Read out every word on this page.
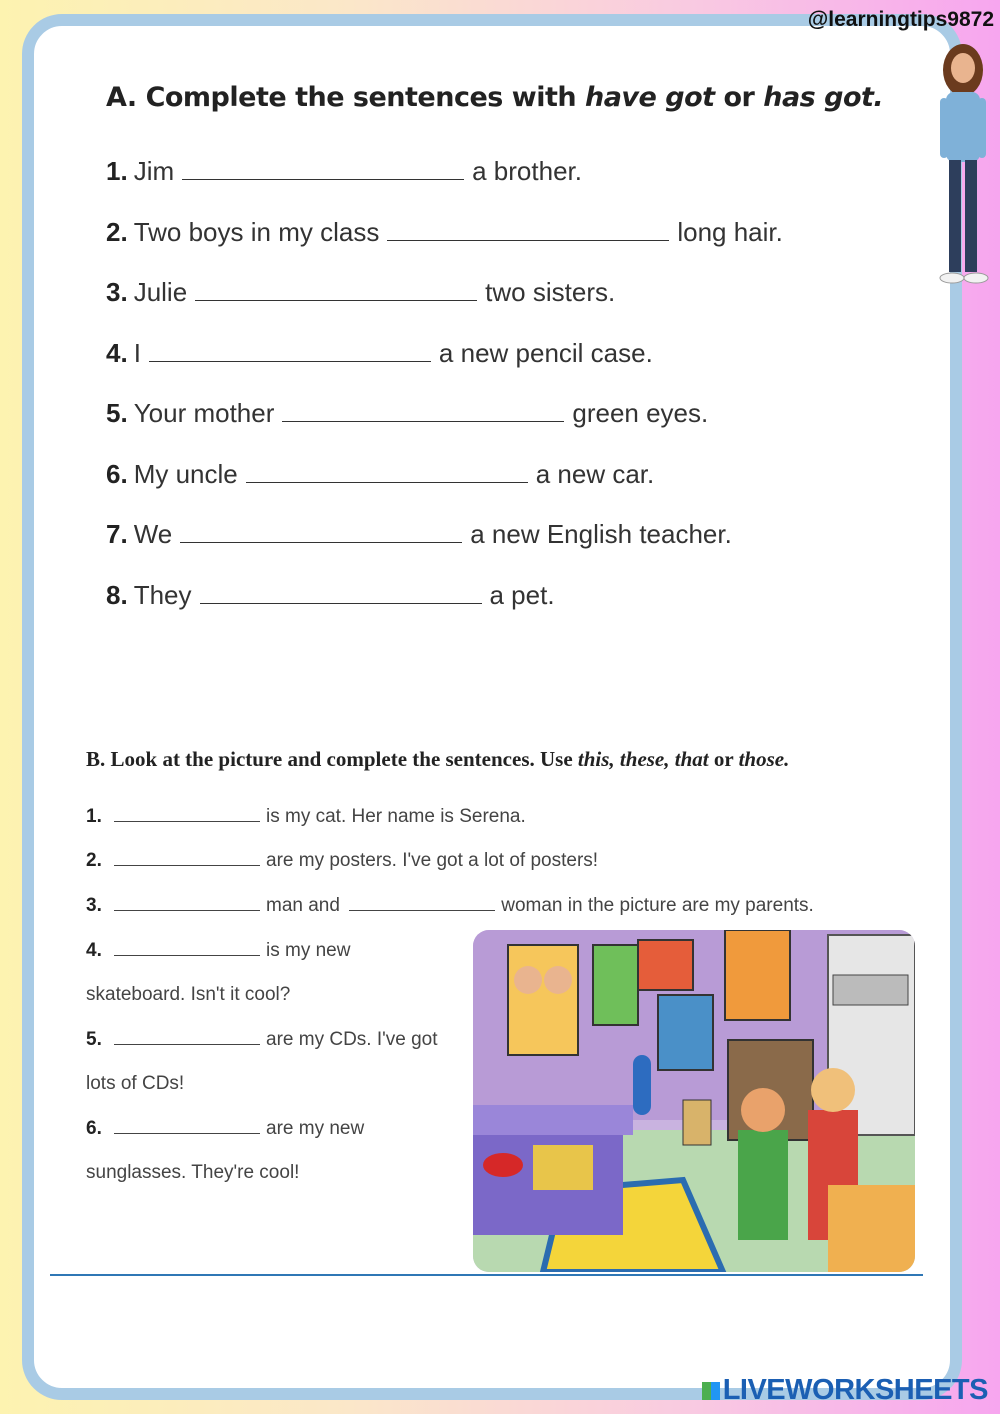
@learningtips9872
A. Complete the sentences with have got or has got.
1. Jim	a brother.
2. Two boys in my class	long hair.
3. Julie	two sisters.
4. I	a new pencil case.
5. Your mother	green eyes.
6. My uncle	a new car.
7. We	a new English teacher.
8. They	a pet.
B. Look at the picture and complete the sentences. Use this, these, that or those.
1.	is my cat. Her name is Serena.
2.	are my posters. I've got a lot of posters!
3.	man and	woman in the picture are my parents.
4.	is my new
skateboard. Isn't it cool?
5.	are my CDs. I've got
lots of CDs!
6.	are my new
sunglasses. They're cool!
LIVEWORKSHEETS
